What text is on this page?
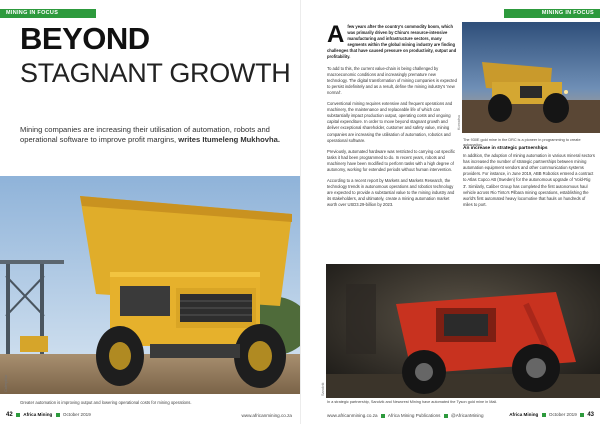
MINING IN FOCUS
BEYOND
STAGNANT GROWTH
Mining companies are increasing their utilisation of automation, robots and operational software to improve profit margins, writes Itumeleng Mukhovha.
Caterpillar
Greater automation is improving output and lowering operational costs for mining operations.
42 Africa Mining October 2019	www.africanmining.co.za
MINING IN FOCUS

A few years after the country's commodity boom, which was primarily driven by China's resource-intensive manufacturing and infrastructure sectors, many segments within the global mining industry are finding challenges that have caused pressure on productivity, output and profitability.

To add to this, the current value-chain is being challenged by macroeconomic conditions and increasingly premature new technology. The digital transformation of mining companies is expected to persist indefinitely and as a result, define the mining industry's 'new normal'.

Conventional mining requires extensive and frequent operations and machinery, the maintenance and replaceable life of which can substantially impact production output, operating costs and ongoing capital expenditure. In order to move beyond stagnant growth and deliver exceptional shareholder, customer and safety value, mining companies are increasing the utilisation of automation, robotics and operational software.

Previously, automated hardware was restricted to carrying out specific tasks it had been programmed to do. In recent years, robots and machinery have been modified to perform tasks with a high degree of autonomy, working for extended periods without human intervention.

According to a recent report by Markets and Markets Research, the technology trends in autonomous operations and robotics technology are expected to provide a substantial value to the mining industry and its stakeholders, and ultimately, create a mining automation market worth over USD3.29-billion by 2023.

An increase in strategic partnerships

In addition, the adoption of mining automation in various mineral sectors has increased the number of strategic partnerships between mining automation equipment vendors and other communication systems providers. For instance, in June 2019, ABB Robotics entered a contract to Atlas Copco AB (Sweden) for the autonomous upgrade of 'Vold-Rig 3'. Similarly, Caliber Group has completed the first autonomous haul vehicle across Rio Tinto's Pilbara mining operations, establishing the world's first automated heavy locomotive that hauls on hundreds of miles to port.

The 930E gold mine in the DRC is a pioneer in programming to create automation.
In a strategic partnership, Sandvik and Newcrest Mining have automated the Tyson gold mine in Mali.
Komatsu
Sandvik
www.africanmining.co.za Africa Mining Publications @AfricanMining	Africa Mining October 2019 43
